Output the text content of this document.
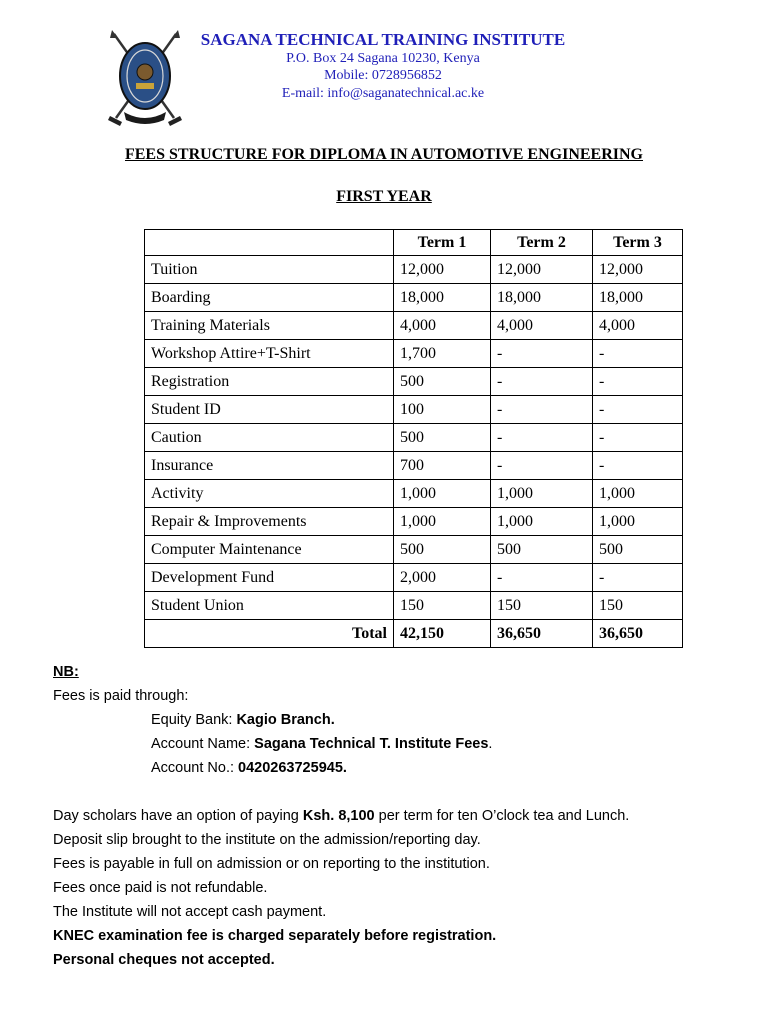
SAGANA TECHNICAL TRAINING INSTITUTE
P.O. Box 24 Sagana 10230, Kenya
Mobile: 0728956852
E-mail: info@saganatechnical.ac.ke
FEES STRUCTURE FOR DIPLOMA IN AUTOMOTIVE ENGINEERING
FIRST YEAR
	Term 1	Term 2	Term 3
Tuition	12,000	12,000	12,000
Boarding	18,000	18,000	18,000
Training Materials	4,000	4,000	4,000
Workshop Attire+T-Shirt	1,700	-	-
Registration	500	-	-
Student ID	100	-	-
Caution	500	-	-
Insurance	700	-	-
Activity	1,000	1,000	1,000
Repair & Improvements	1,000	1,000	1,000
Computer Maintenance	500	500	500
Development Fund	2,000	-	-
Student Union	150	150	150
Total	42,150	36,650	36,650
NB:
Fees is paid through:
Equity Bank: Kagio Branch.
Account Name: Sagana Technical T. Institute Fees.
Account No.: 0420263725945.
Day scholars have an option of paying Ksh. 8,100 per term for ten O’clock tea and Lunch.
Deposit slip brought to the institute on the admission/reporting day.
Fees is payable in full on admission or on reporting to the institution.
Fees once paid is not refundable.
The Institute will not accept cash payment.
KNEC examination fee is charged separately before registration.
Personal cheques not accepted.
